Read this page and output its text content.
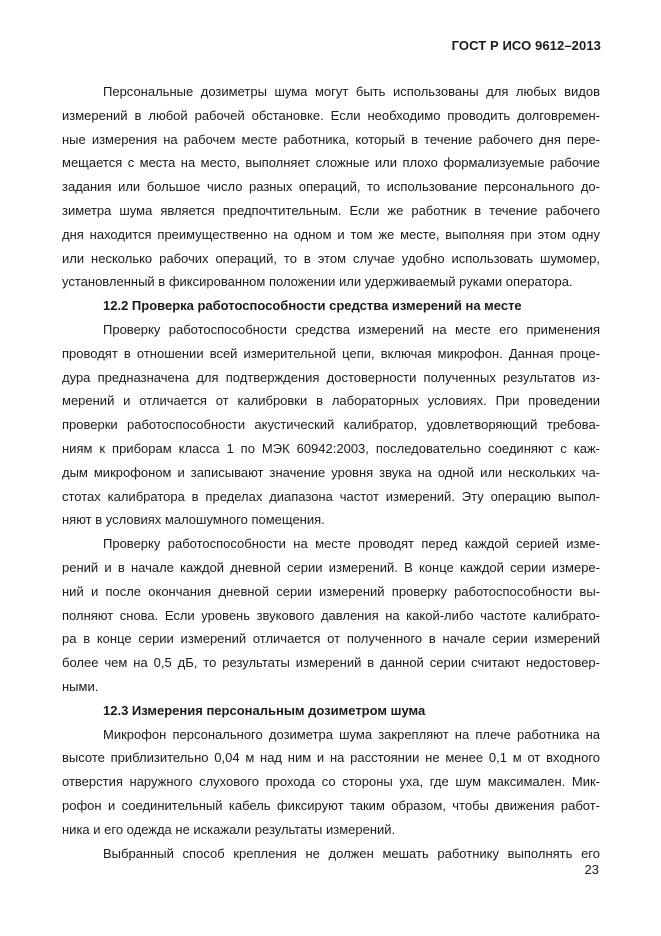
ГОСТ Р ИСО 9612–2013
Персональные дозиметры шума могут быть использованы для любых видов
измерений в любой рабочей обстановке. Если необходимо проводить долговремен-
ные измерения на рабочем месте работника, который в течение рабочего дня пере-
мещается с места на место, выполняет сложные или плохо формализуемые рабочие
задания или большое число разных операций, то использование персонального до-
зиметра шума является предпочтительным. Если же работник в течение рабочего
дня находится преимущественно на одном и том же месте, выполняя при этом одну
или несколько рабочих операций, то в этом случае удобно использовать шумомер,
установленный в фиксированном положении или удерживаемый руками оператора.
12.2 Проверка работоспособности средства измерений на месте
Проверку работоспособности средства измерений на месте его применения
проводят в отношении всей измерительной цепи, включая микрофон. Данная проце-
дура предназначена для подтверждения достоверности полученных результатов из-
мерений и отличается от калибровки в лабораторных условиях. При проведении
проверки работоспособности акустический калибратор, удовлетворяющий требова-
ниям к приборам класса 1 по МЭК 60942:2003, последовательно соединяют с каж-
дым микрофоном и записывают значение уровня звука на одной или нескольких ча-
стотах калибратора в пределах диапазона частот измерений. Эту операцию выпол-
няют в условиях малошумного помещения.
Проверку работоспособности на месте проводят перед каждой серией изме-
рений и в начале каждой дневной серии измерений. В конце каждой серии измере-
ний и после окончания дневной серии измерений проверку работоспособности вы-
полняют снова. Если уровень звукового давления на какой-либо частоте калибрато-
ра в конце серии измерений отличается от полученного в начале серии измерений
более чем на 0,5 дБ, то результаты измерений в данной серии считают недостовер-
ными.
12.3 Измерения персональным дозиметром шума
Микрофон персонального дозиметра шума закрепляют на плече работника на
высоте приблизительно 0,04 м над ним и на расстоянии не менее 0,1 м от входного
отверстия наружного слухового прохода со стороны уха, где шум максимален. Мик-
рофон и соединительный кабель фиксируют таким образом, чтобы движения работ-
ника и его одежда не искажали результаты измерений.
Выбранный способ крепления не должен мешать работнику выполнять его
23
